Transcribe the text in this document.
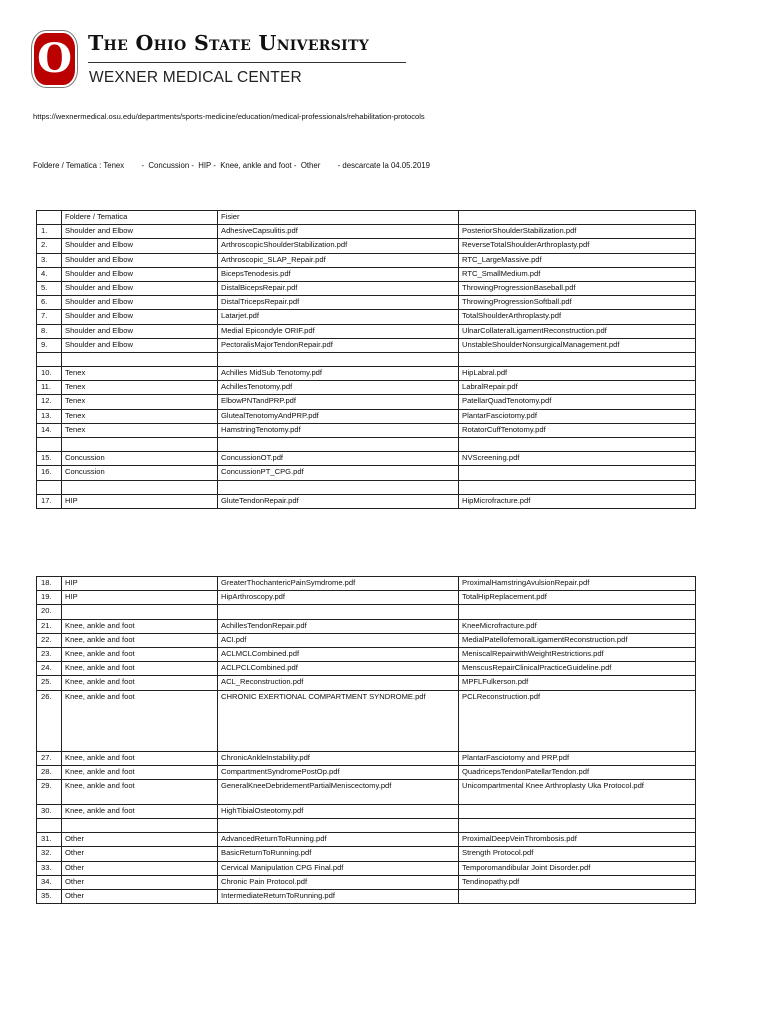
O The Ohio State University
WEXNER MEDICAL CENTER
https://wexnermedical.osu.edu/departments/sports-medicine/education/medical-professionals/rehabilitation-protocols
Foldere / Tematica : Tenex        -  Concussion -  HIP -  Knee, ankle and foot -  Other        - descarcate la 04.05.2019
	Foldere / Tematica	Fisier	
1.	Shoulder and Elbow	AdhesiveCapsulitis.pdf	PosteriorShoulderStabilization.pdf
2.	Shoulder and Elbow	ArthroscopicShoulderStabilization.pdf	ReverseTotalShoulderArthroplasty.pdf
3.	Shoulder and Elbow	Arthroscopic_SLAP_Repair.pdf	RTC_LargeMassive.pdf
4.	Shoulder and Elbow	BicepsTenodesis.pdf	RTC_SmallMedium.pdf
5.	Shoulder and Elbow	DistalBicepsRepair.pdf	ThrowingProgressionBaseball.pdf
6.	Shoulder and Elbow	DistalTricepsRepair.pdf	ThrowingProgressionSoftball.pdf
7.	Shoulder and Elbow	Latarjet.pdf	TotalShoulderArthroplasty.pdf
8.	Shoulder and Elbow	Medial Epicondyle ORIF.pdf	UlnarCollateralLigamentReconstruction.pdf
9.	Shoulder and Elbow	PectoralisMajorTendonRepair.pdf	UnstableShoulderNonsurgicalManagement.pdf

10.	Tenex	Achilles MidSub Tenotomy.pdf	HipLabral.pdf
11.	Tenex	AchillesTenotomy.pdf	LabralRepair.pdf
12.	Tenex	ElbowPNTandPRP.pdf	PatellarQuadTenotomy.pdf
13.	Tenex	GlutealTenotomyAndPRP.pdf	PlantarFasciotomy.pdf
14.	Tenex	HamstringTenotomy.pdf	RotatorCuffTenotomy.pdf

15.	Concussion	ConcussionOT.pdf	NVScreening.pdf
16.	Concussion	ConcussionPT_CPG.pdf	

17.	HIP	GluteTendonRepair.pdf	HipMicrofracture.pdf
18.	HIP	GreaterThochantericPainSymdrome.pdf	ProximalHamstringAvulsionRepair.pdf
19.	HIP	HipArthroscopy.pdf	TotalHipReplacement.pdf
20.			
21.	Knee, ankle and foot	AchillesTendonRepair.pdf	KneeMicrofracture.pdf
22.	Knee, ankle and foot	ACI.pdf	MedialPatellofemoralLigamentReconstruction.pdf
23.	Knee, ankle and foot	ACLMCLCombined.pdf	MeniscalRepairwithWeightRestrictions.pdf
24.	Knee, ankle and foot	ACLPCLCombined.pdf	MenscusRepairClinicalPracticeGuideline.pdf
25.	Knee, ankle and foot	ACL_Reconstruction.pdf	MPFLFulkerson.pdf
26.	Knee, ankle and foot	CHRONIC EXERTIONAL COMPARTMENT SYNDROME.pdf	PCLReconstruction.pdf
27.	Knee, ankle and foot	ChronicAnkleInstability.pdf	PlantarFasciotomy and PRP.pdf
28.	Knee, ankle and foot	CompartmentSyndromePostOp.pdf	QuadricepsTendonPatellarTendon.pdf
29.	Knee, ankle and foot	GeneralKneeDebridementPartialMeniscectomy.pdf	Unicompartmental Knee Arthroplasty Uka Protocol.pdf
30.	Knee, ankle and foot	HighTibialOsteotomy.pdf	

31.	Other	AdvancedReturnToRunning.pdf	ProximalDeepVeinThrombosis.pdf
32.	Other	BasicReturnToRunning.pdf	Strength Protocol.pdf
33.	Other	Cervical Manipulation CPG Final.pdf	Temporomandibular Joint Disorder.pdf
34.	Other	Chronic Pain Protocol.pdf	Tendinopathy.pdf
35.	Other	IntermediateReturnToRunning.pdf	
